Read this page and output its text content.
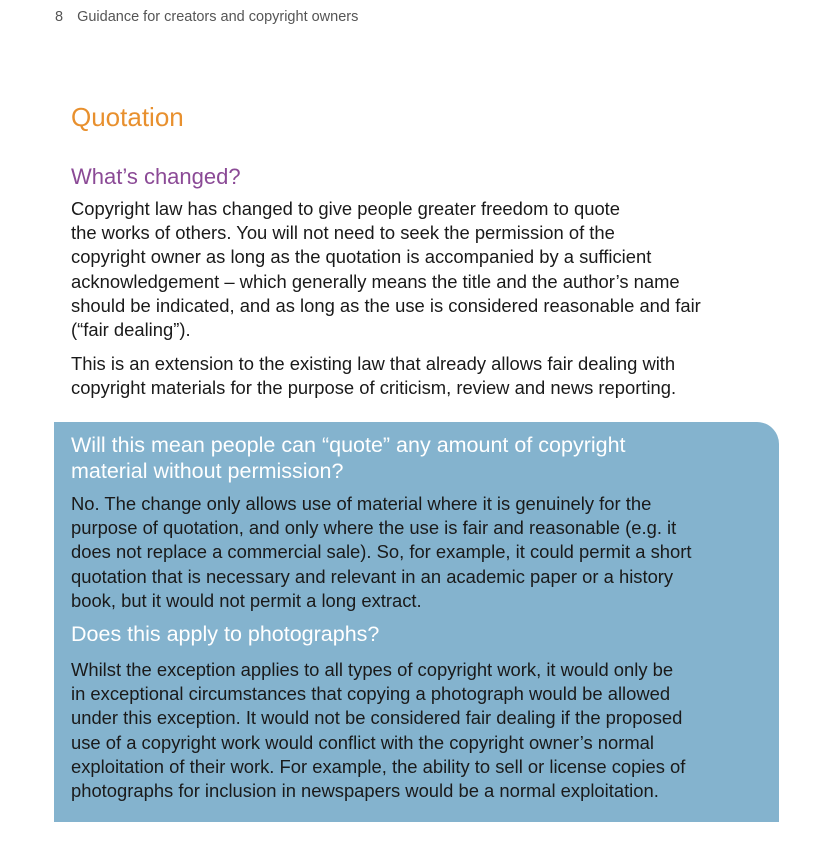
8 Guidance for creators and copyright owners
Quotation
What’s changed?

Copyright law has changed to give people greater freedom to quote
the works of others. You will not need to seek the permission of the
copyright owner as long as the quotation is accompanied by a sufficient
acknowledgement – which generally means the title and the author’s name
should be indicated, and as long as the use is considered reasonable and fair
(“fair dealing”).

This is an extension to the existing law that already allows fair dealing with
copyright materials for the purpose of criticism, review and news reporting.

Will this mean people can “quote” any amount of copyright
material without permission?

No. The change only allows use of material where it is genuinely for the
purpose of quotation, and only where the use is fair and reasonable (e.g. it
does not replace a commercial sale). So, for example, it could permit a short
quotation that is necessary and relevant in an academic paper or a history
book, but it would not permit a long extract.

Does this apply to photographs?

Whilst the exception applies to all types of copyright work, it would only be
in exceptional circumstances that copying a photograph would be allowed
under this exception. It would not be considered fair dealing if the proposed
use of a copyright work would conflict with the copyright owner’s normal
exploitation of their work. For example, the ability to sell or license copies of
photographs for inclusion in newspapers would be a normal exploitation.
